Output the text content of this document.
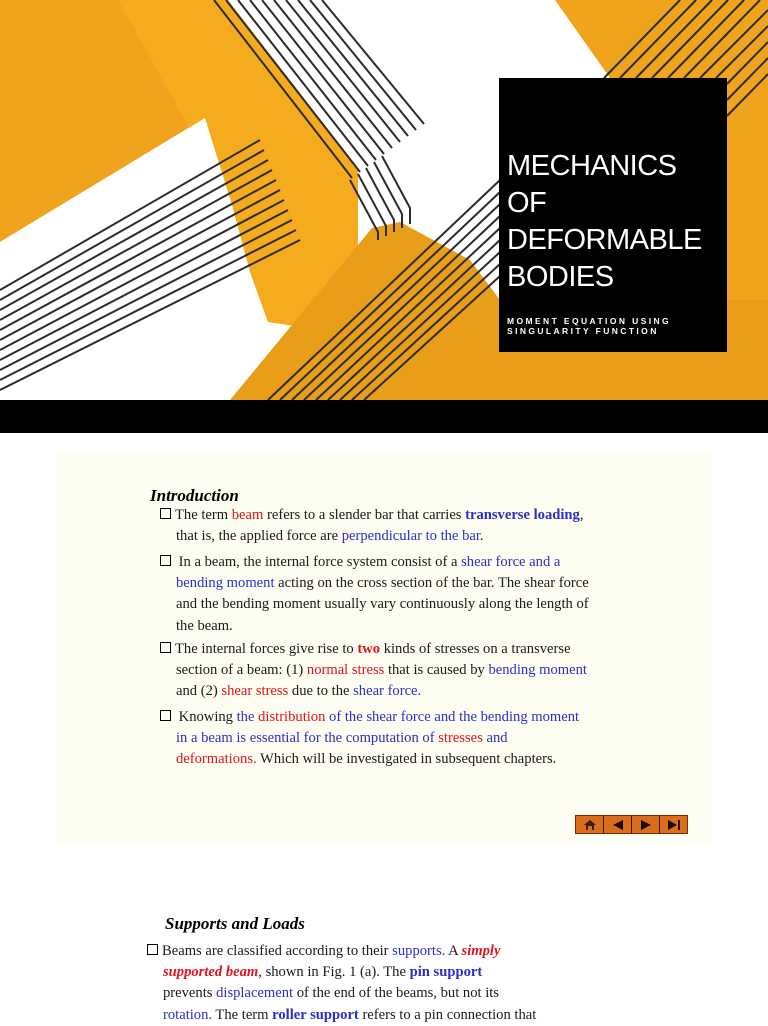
MECHANICS OF
DEFORMABLE
BODIES
MOMENT EQUATION USING
SINGULARITY FUNCTION
Introduction
The term beam refers to a slender bar that carries transverse loading,
that is, the applied force are perpendicular to the bar.
In a beam, the internal force system consist of a shear force and a
bending moment acting on the cross section of the bar. The shear force
and the bending moment usually vary continuously along the length of
the beam.
The internal forces give rise to two kinds of stresses on a transverse
section of a beam: (1) normal stress that is caused by bending moment
and (2) shear stress due to the shear force.
Knowing the distribution of the shear force and the bending moment
in a beam is essential for the computation of stresses and
deformations. Which will be investigated in subsequent chapters.
Supports and Loads
Beams are classified according to their supports. A simply
supported beam, shown in Fig. 1 (a). The pin support
prevents displacement of the end of the beams, but not its
rotation. The term roller support refers to a pin connection that
